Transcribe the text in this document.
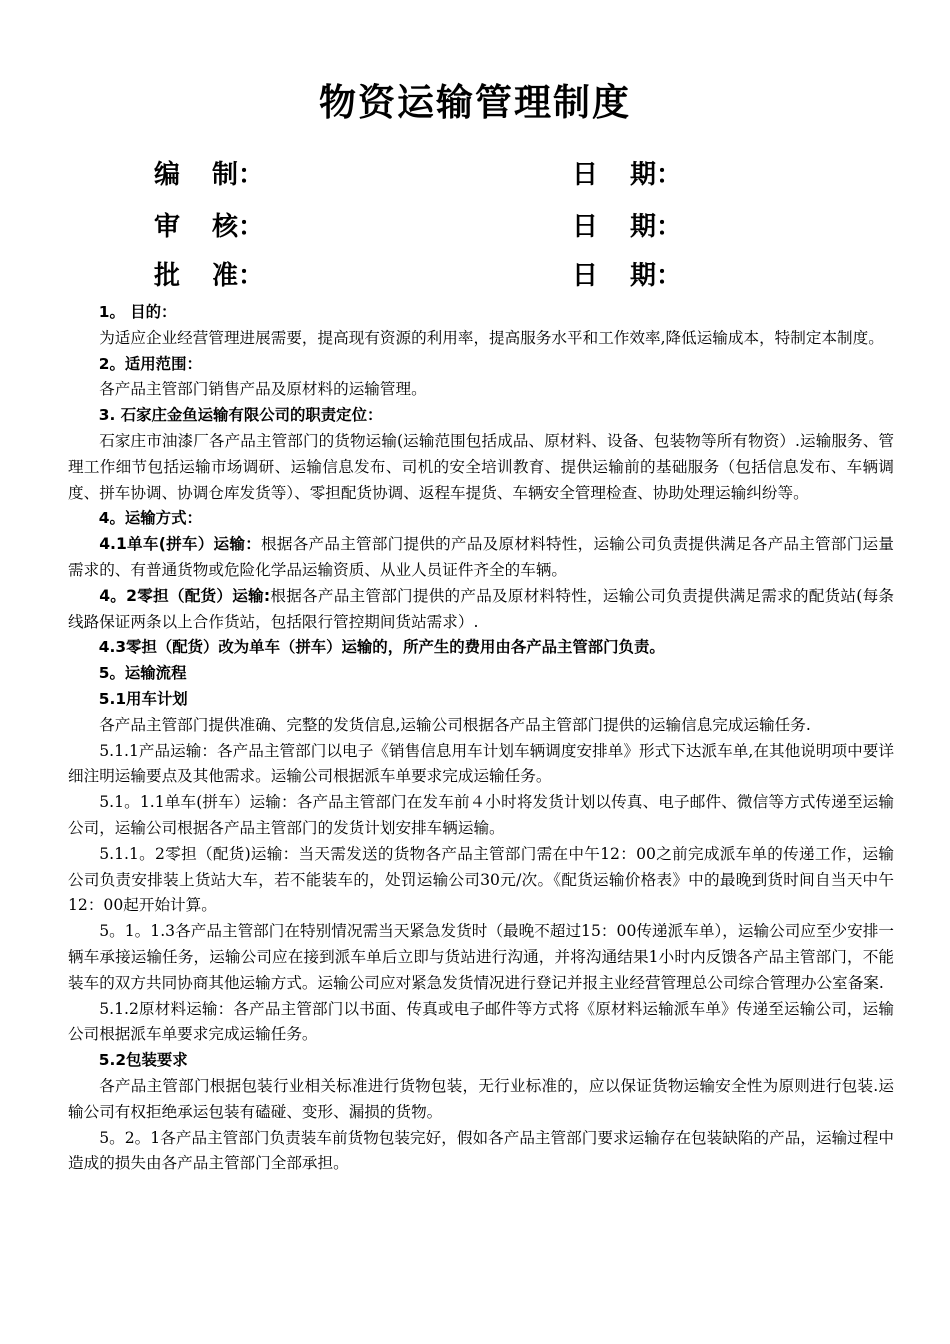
物资运输管理制度
编 制：	日 期：
审 核：	日 期：
批 准：	日 期：

1。 目的：

为适应企业经营管理进展需要，提高现有资源的利用率，提高服务水平和工作效率,降低运输成本，特制定本制度。

2。适用范围：

各产品主管部门销售产品及原材料的运输管理。

3. 石家庄金鱼运输有限公司的职责定位：

石家庄市油漆厂各产品主管部门的货物运输(运输范围包括成品、原材料、设备、包装物等所有物资）.运输服务、管理工作细节包括运输市场调研、运输信息发布、司机的安全培训教育、提供运输前的基础服务（包括信息发布、车辆调度、拼车协调、协调仓库发货等）、零担配货协调、返程车提货、车辆安全管理检查、协助处理运输纠纷等。

4。运输方式：

4.1单车(拼车）运输：根据各产品主管部门提供的产品及原材料特性，运输公司负责提供满足各产品主管部门运量需求的、有普通货物或危险化学品运输资质、从业人员证件齐全的车辆。

4。2零担（配货）运输:根据各产品主管部门提供的产品及原材料特性，运输公司负责提供满足需求的配货站(每条线路保证两条以上合作货站，包括限行管控期间货站需求）.

4.3零担（配货）改为单车（拼车）运输的，所产生的费用由各产品主管部门负责。

5。运输流程

5.1用车计划

各产品主管部门提供准确、完整的发货信息,运输公司根据各产品主管部门提供的运输信息完成运输任务.

5.1.1产品运输：各产品主管部门以电子《销售信息用车计划车辆调度安排单》形式下达派车单,在其他说明项中要详细注明运输要点及其他需求。运输公司根据派车单要求完成运输任务。

5.1。1.1单车(拼车）运输：各产品主管部门在发车前４小时将发货计划以传真、电子邮件、微信等方式传递至运输公司，运输公司根据各产品主管部门的发货计划安排车辆运输。

5.1.1。2零担（配货)运输：当天需发送的货物各产品主管部门需在中午12：00之前完成派车单的传递工作，运输公司负责安排装上货站大车，若不能装车的，处罚运输公司30元/次。《配货运输价格表》中的最晚到货时间自当天中午12：00起开始计算。

5。1。1.3各产品主管部门在特别情况需当天紧急发货时（最晚不超过15：00传递派车单），运输公司应至少安排一辆车承接运输任务，运输公司应在接到派车单后立即与货站进行沟通，并将沟通结果1小时内反馈各产品主管部门，不能装车的双方共同协商其他运输方式。运输公司应对紧急发货情况进行登记并报主业经营管理总公司综合管理办公室备案.

5.1.2原材料运输：各产品主管部门以书面、传真或电子邮件等方式将《原材料运输派车单》传递至运输公司，运输公司根据派车单要求完成运输任务。

5.2包装要求

各产品主管部门根据包装行业相关标准进行货物包装，无行业标准的，应以保证货物运输安全性为原则进行包装.运输公司有权拒绝承运包装有磕碰、变形、漏损的货物。

5。2。1各产品主管部门负责装车前货物包装完好，假如各产品主管部门要求运输存在包装缺陷的产品，运输过程中造成的损失由各产品主管部门全部承担。
